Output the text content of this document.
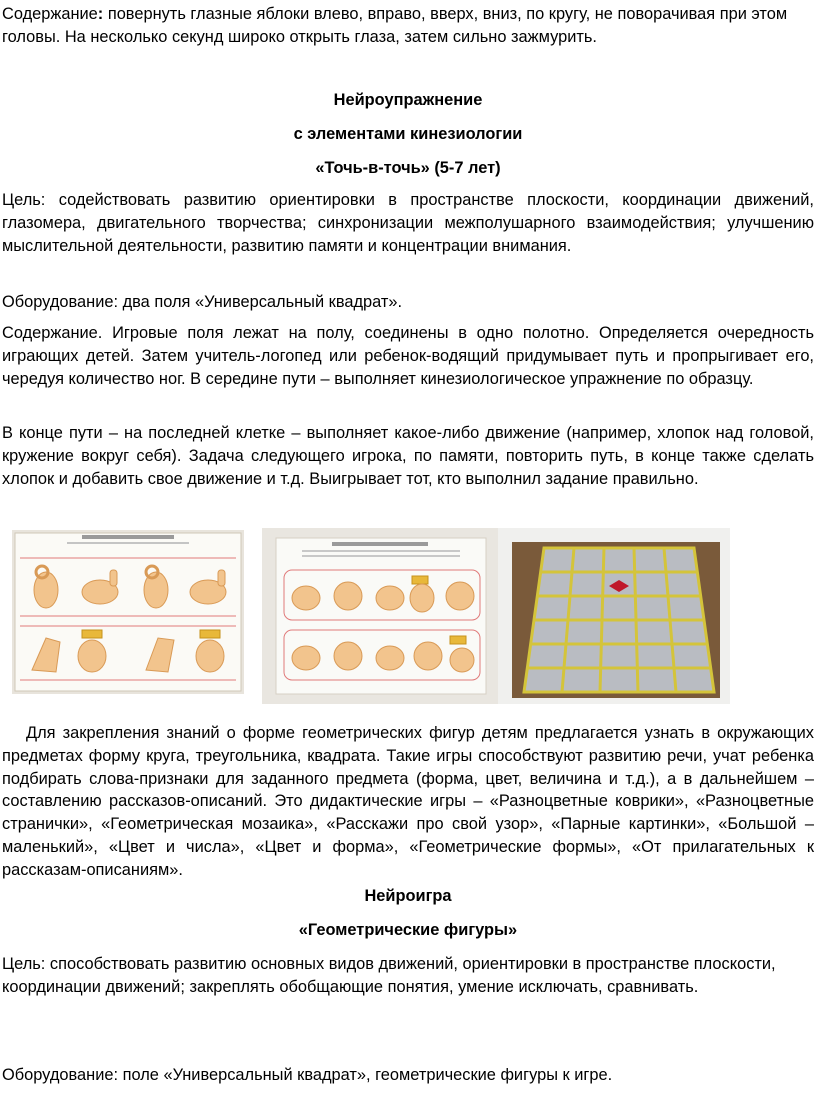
Содержание: повернуть глазные яблоки влево, вправо, вверх, вниз, по кругу, не поворачивая при этом головы. На несколько секунд широко открыть глаза, затем сильно зажмурить.

Нейроупражнение

с элементами кинезиологии

«Точь-в-точь» (5-7 лет)

Цель: содействовать развитию ориентировки в пространстве плоскости, координации движений, глазомера, двигательного творчества; синхронизации межполушарного взаимодействия; улучшению мыслительной деятельности, развитию памяти и концентрации внимания.

Оборудование: два поля «Универсальный квадрат».

Содержание. Игровые поля лежат на полу, соединены в одно полотно. Определяется очередность играющих детей. Затем учитель-логопед или ребенок-водящий придумывает путь и пропрыгивает его, чередуя количество ног. В середине пути – выполняет кинезиологическое упражнение по образцу.

В конце пути – на последней клетке – выполняет какое-либо движение (например, хлопок над головой, кружение вокруг себя). Задача следующего игрока, по памяти, повторить путь, в конце также сделать хлопок и добавить свое движение и т.д. Выигрывает тот, кто выполнил задание правильно.

Для закрепления знаний о форме геометрических фигур детям предлагается узнать в окружающих предметах форму круга, треугольника, квадрата. Такие игры способствуют развитию речи, учат ребенка подбирать слова-признаки для заданного предмета (форма, цвет, величина и т.д.), а в дальнейшем – составлению рассказов-описаний. Это дидактические игры – «Разноцветные коврики», «Разноцветные странички», «Геометрическая мозаика», «Расскажи про свой узор», «Парные картинки», «Большой – маленький», «Цвет и числа», «Цвет и форма», «Геометрические формы», «От прилагательных к рассказам-описаниям».

Нейроигра

«Геометрические фигуры»

Цель: способствовать развитию основных видов движений, ориентировки в пространстве плоскости, координации движений; закреплять обобщающие понятия, умение исключать, сравнивать.

Оборудование: поле «Универсальный квадрат», геометрические фигуры к игре.
